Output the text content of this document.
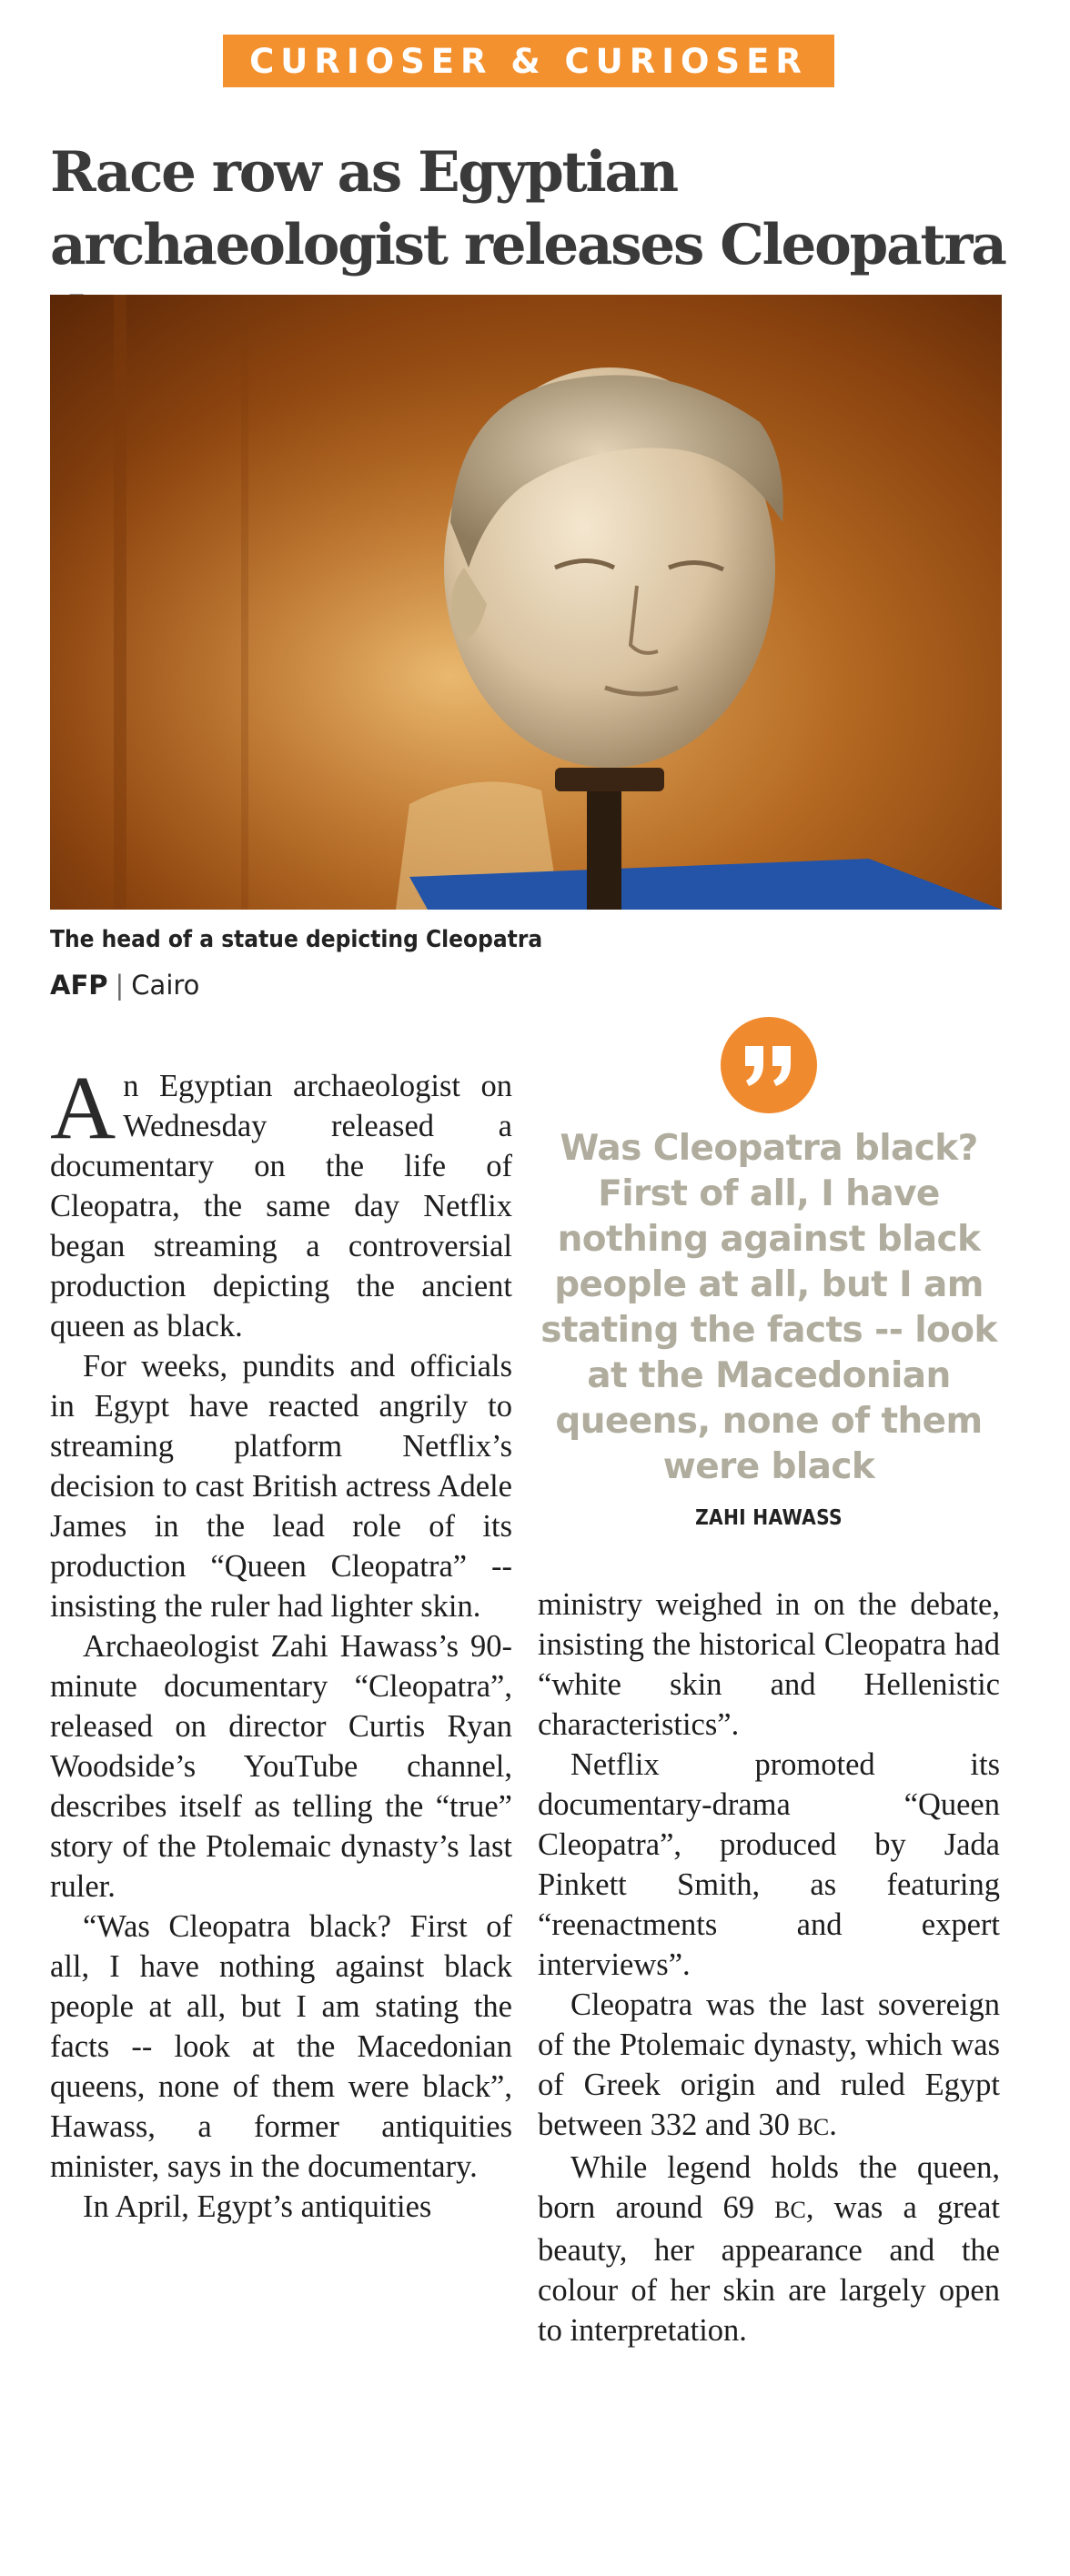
CURIOSER & CURIOSER
Race row as Egyptian archaeologist releases Cleopatra
The head of a statue depicting Cleopatra
AFP | Cairo

An Egyptian archaeologist on Wednesday released a documentary on the life of Cleopatra, the same day Netflix began streaming a controversial production depicting the ancient queen as black.

For weeks, pundits and officials in Egypt have reacted angrily to streaming platform Netflix’s decision to cast British actress Adele James in the lead role of its production “Queen Cleopatra” -- insisting the ruler had lighter skin.

Archaeologist Zahi Hawass’s 90-minute documentary “Cleopatra”, released on director Curtis Ryan Woodside’s YouTube channel, describes itself as telling the “true” story of the Ptolemaic dynasty’s last ruler.

“Was Cleopatra black? First of all, I have nothing against black people at all, but I am stating the facts -- look at the Macedonian queens, none of them were black”, Hawass, a former antiquities minister, says in the documentary.

In April, Egypt’s antiquities

Was Cleopatra black? First of all, I have nothing against black people at all, but I am stating the facts -- look at the Macedonian queens, none of them were black
ZAHI HAWASS

ministry weighed in on the debate, insisting the historical Cleopatra had “white skin and Hellenistic characteristics”.

Netflix promoted its documentary-drama “Queen Cleopatra”, produced by Jada Pinkett Smith, as featuring “reenactments and expert interviews”.

Cleopatra was the last sovereign of the Ptolemaic dynasty, which was of Greek origin and ruled Egypt between 332 and 30 BC.

While legend holds the queen, born around 69 BC, was a great beauty, her appearance and the colour of her skin are largely open to interpretation.
